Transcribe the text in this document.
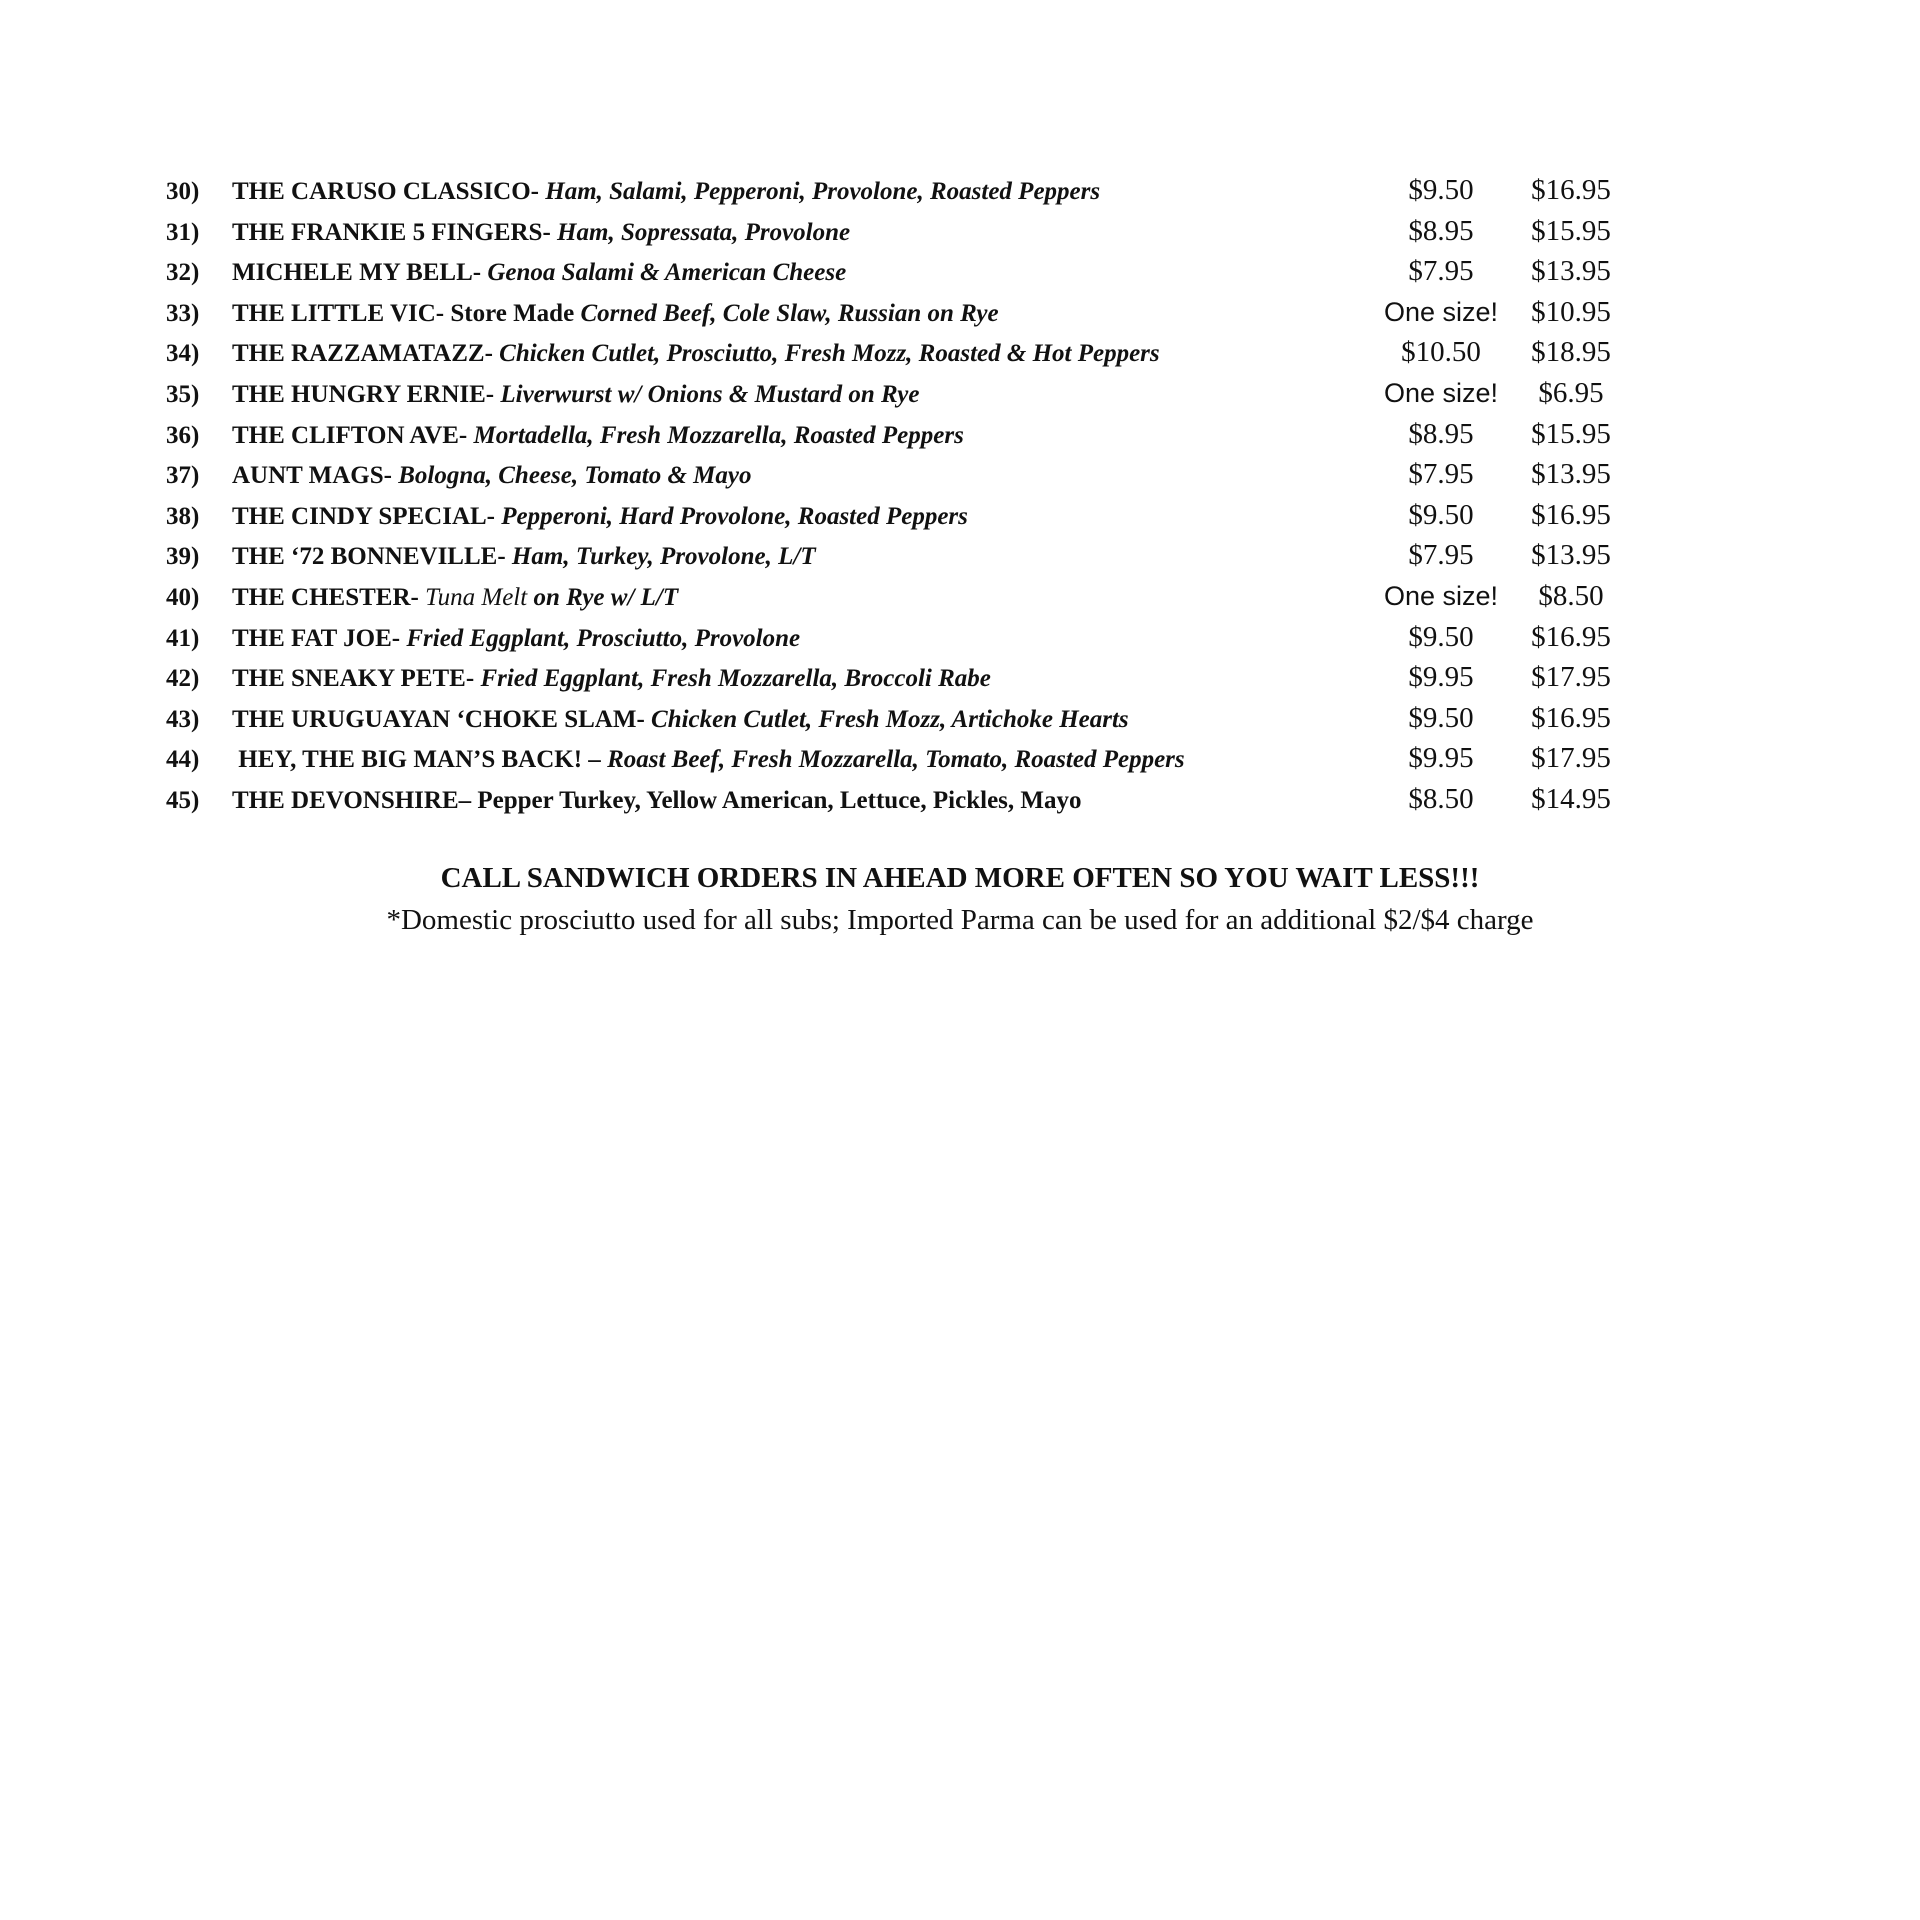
30) THE CARUSO CLASSICO- Ham, Salami, Pepperoni, Provolone, Roasted Peppers	$9.50	$16.95
31) THE FRANKIE 5 FINGERS- Ham, Sopressata, Provolone	$8.95	$15.95
32) MICHELE MY BELL- Genoa Salami & American Cheese	$7.95	$13.95
33) THE LITTLE VIC- Store Made Corned Beef, Cole Slaw, Russian on Rye	One size!	$10.95
34) THE RAZZAMATAZZ- Chicken Cutlet, Prosciutto, Fresh Mozz, Roasted & Hot Peppers	$10.50	$18.95
35) THE HUNGRY ERNIE- Liverwurst w/ Onions & Mustard on Rye	One size!	$6.95
36) THE CLIFTON AVE- Mortadella, Fresh Mozzarella, Roasted Peppers	$8.95	$15.95
37) AUNT MAGS- Bologna, Cheese, Tomato & Mayo	$7.95	$13.95
38) THE CINDY SPECIAL- Pepperoni, Hard Provolone, Roasted Peppers	$9.50	$16.95
39) THE ‘72 BONNEVILLE- Ham, Turkey, Provolone, L/T	$7.95	$13.95
40) THE CHESTER- Tuna Melt on Rye w/ L/T	One size!	$8.50
41) THE FAT JOE- Fried Eggplant, Prosciutto, Provolone	$9.50	$16.95
42) THE SNEAKY PETE- Fried Eggplant, Fresh Mozzarella, Broccoli Rabe	$9.95	$17.95
43) THE URUGUAYAN ‘CHOKE SLAM- Chicken Cutlet, Fresh Mozz, Artichoke Hearts	$9.50	$16.95
44) HEY, THE BIG MAN’S BACK! – Roast Beef, Fresh Mozzarella, Tomato, Roasted Peppers	$9.95	$17.95
45) THE DEVONSHIRE– Pepper Turkey, Yellow American, Lettuce, Pickles, Mayo	$8.50	$14.95
CALL SANDWICH ORDERS IN AHEAD MORE OFTEN SO YOU WAIT LESS!!!
*Domestic prosciutto used for all subs; Imported Parma can be used for an additional $2/$4 charge
